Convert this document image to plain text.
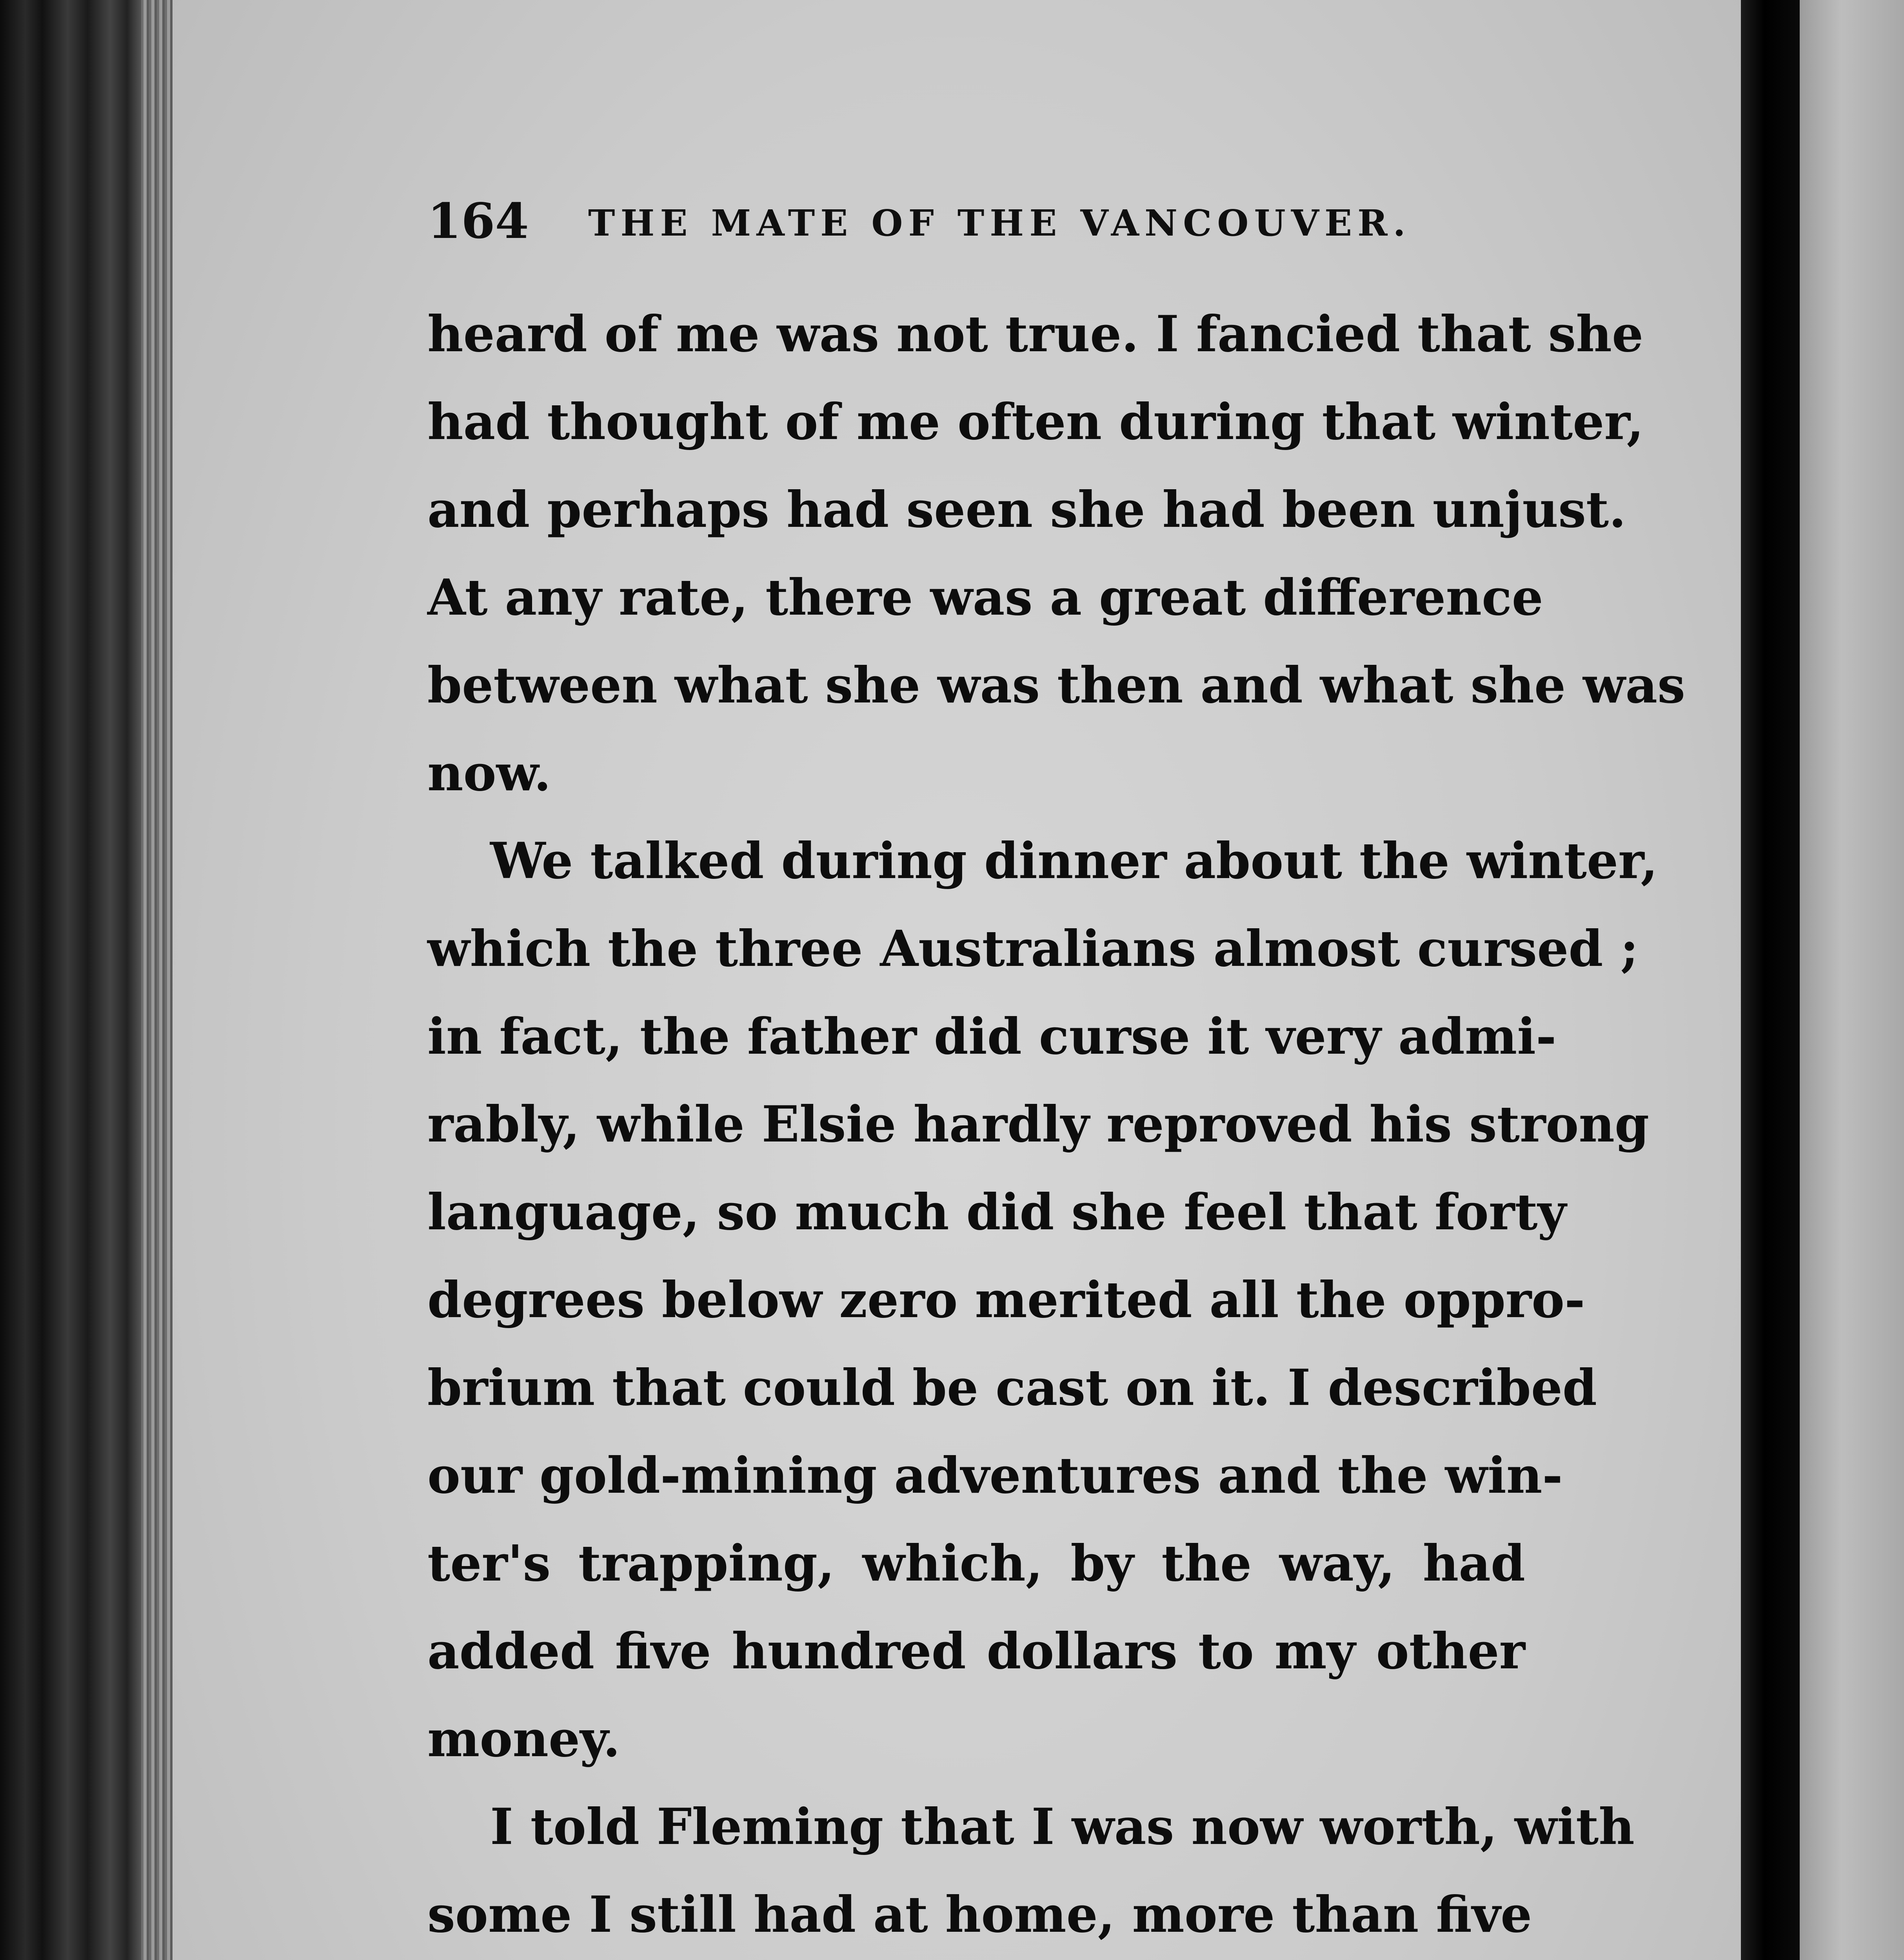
164 THE MATE OF THE VANCOUVER.
heard of me was not true. I fancied that she
had thought of me often during that winter,
and perhaps had seen she had been unjust.
At any rate, there was a great difference
between what she was then and what she was
now.
We talked during dinner about the winter,
which the three Australians almost cursed ;
in fact, the father did curse it very admi-
rably, while Elsie hardly reproved his strong
language, so much did she feel that forty
degrees below zero merited all the oppro-
brium that could be cast on it. I described
our gold-mining adventures and the win-
ter's trapping, which, by the way, had
added five hundred dollars to my other
money.
I told Fleming that I was now worth, with
some I still had at home, more than five
